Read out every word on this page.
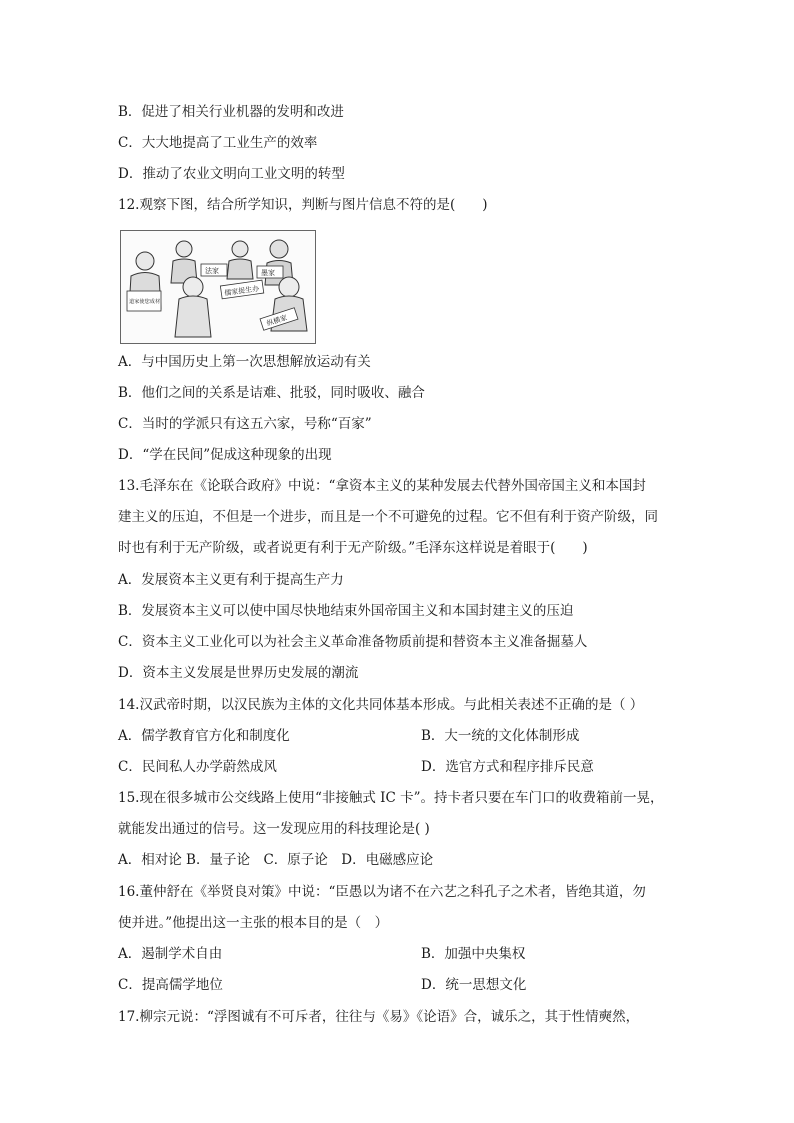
B．促进了相关行业机器的发明和改进
C．大大地提高了工业生产的效率
D．推动了农业文明向工业文明的转型
12.观察下图，结合所学知识，判断与图片信息不符的是(　　)
法家	墨家
儒家捉生办
道家使您成材
纵横家
A．与中国历史上第一次思想解放运动有关
B．他们之间的关系是诘难、批驳，同时吸收、融合
C．当时的学派只有这五六家，号称“百家”
D．“学在民间”促成这种现象的出现
13.毛泽东在《论联合政府》中说：“拿资本主义的某种发展去代替外国帝国主义和本国封
建主义的压迫，不但是一个进步，而且是一个不可避免的过程。它不但有利于资产阶级，同
时也有利于无产阶级，或者说更有利于无产阶级。”毛泽东这样说是着眼于(　　)
A．发展资本主义更有利于提高生产力
B．发展资本主义可以使中国尽快地结束外国帝国主义和本国封建主义的压迫
C．资本主义工业化可以为社会主义革命准备物质前提和替资本主义准备掘墓人
D．资本主义发展是世界历史发展的潮流
14.汉武帝时期，以汉民族为主体的文化共同体基本形成。与此相关表述不正确的是（ ）
A．儒学教育官方化和制度化	B．大一统的文化体制形成
C．民间私人办学蔚然成风	D．选官方式和程序排斥民意
15.现在很多城市公交线路上使用“非接触式 IC 卡”。持卡者只要在车门口的收费箱前一晃，
就能发出通过的信号。这一发现应用的科技理论是( )
A．相对论 B．量子论　C．原子论　D．电磁感应论
16.董仲舒在《举贤良对策》中说：“臣愚以为诸不在六艺之科孔子之术者，皆绝其道，勿
使并进。”他提出这一主张的根本目的是（　）
A．遏制学术自由	B．加强中央集权
C．提高儒学地位	D．统一思想文化
17.柳宗元说：“浮图诚有不可斥者，往往与《易》《论语》合，诚乐之，其于性情奭然，
